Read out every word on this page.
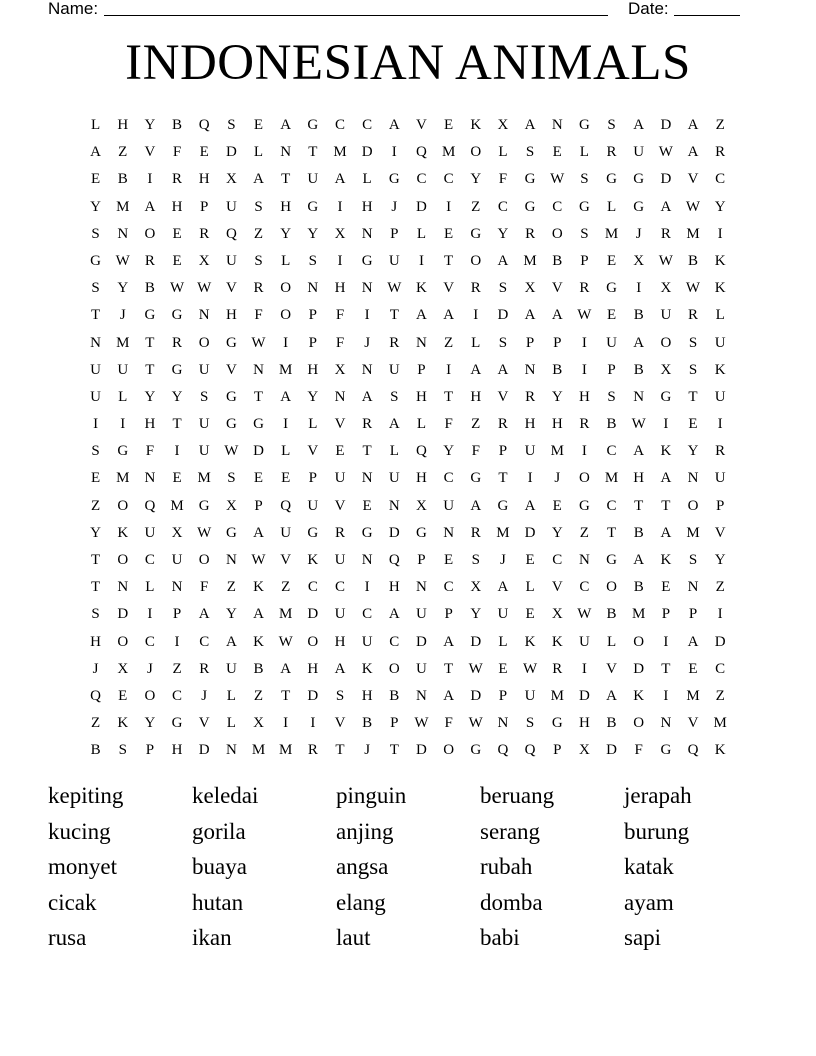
Name:	Date:
INDONESIAN ANIMALS
L	H	Y	B	Q	S	E	A	G	C	C	A	V	E	K	X	A	N	G	S	A	D	A	Z
A	Z	V	F	E	D	L	N	T	M	D	I	Q	M	O	L	S	E	L	R	U W A	R
E	B	I	R	H	X	A	T	U	A	L	G	C	C	Y	F	G W	S	G	G	D	V	C
Y	M	A	H	P	U	S	H	G	I	H	J	D	I	Z	C	G	C	G	L	G	A W Y
S	N	O	E	R	Q	Z	Y	Y	X	N	P	L	E	G	Y	R	O	S	M	J	R	M	I
G W	R	E	X	U	S	L	S	I	G	U	I	T	O	A	M	B	P	E	X W	B	K
S	Y	B	W W V	R	O	N	H	N W K	V	R	S	X	V	R	G	I	X W K
T	J	G	G	N	H	F	O	P	F	I	T	A	A	I	D	A	A W	E	B	U	R	L
N	M	T	R	O	G W	I	P	F	J	R	N	Z	L	S	P	P	I	U	A	O	S	U
U	U	T	G	U	V	N	M	H	X	N	U	P	I	A	A	N	B	I	P	B	X	S	K
U	L	Y	Y	S	G	T	A	Y	N	A	S	H	T	H	V	R	Y	H	S	N	G	T	U
I	I	H	T	U	G	G	I	L	V	R	A	L	F	Z	R	H	H	R	B	W	I	E	I
S	G	F	I	U W D	L	V	E	T	L	Q	Y	F	P	U	M	I	C	A	K	Y	R
E	M	N	E	M	S	E	E	P	U	N	U	H	C	G	T	I	J	O	M	H	A	N	U
Z	O	Q	M	G	X	P	Q	U	V	E	N	X	U	A	G	A	E	G	C	T	T	O	P
Y	K	U	X W G	A	U	G	R	G	D	G	N	R	M	D	Y	Z	T	B	A	M	V
T	O	C	U	O	N W V	K	U	N	Q	P	E	S	J	E	C	N	G	A	K	S	Y
T	N	L	N	F	Z	K	Z	C	C	I	H	N	C	X	A	L	V	C	O	B	E	N	Z
S	D	I	P	A	Y	A	M	D	U	C	A	U	P	Y	U	E	X W	B	M	P	P	I
H	O	C	I	C	A	K W O	H	U	C	D	A	D	L	K	K	U	L	O	I	A	D
J	X	J	Z	R	U	B	A	H	A	K	O	U	T	W	E	W	R	I	V	D	T	E	C
Q	E	O	C	J	L	Z	T	D	S	H	B	N	A	D	P	U	M	D	A	K	I	M	Z
Z	K	Y	G	V	L	X	I	I	V	B	P	W	F	W N	S	G	H	B	O	N	V	M
B	S	P	H	D	N	M M	R	T	J	T	D	O	G	Q	Q	P	X	D	F	G	Q	K
kepiting	keledai	pinguin	beruang	jerapah
kucing	gorila	anjing	serang	burung
monyet	buaya	angsa	rubah	katak
cicak	hutan	elang	domba	ayam
rusa	ikan	laut	babi	sapi
